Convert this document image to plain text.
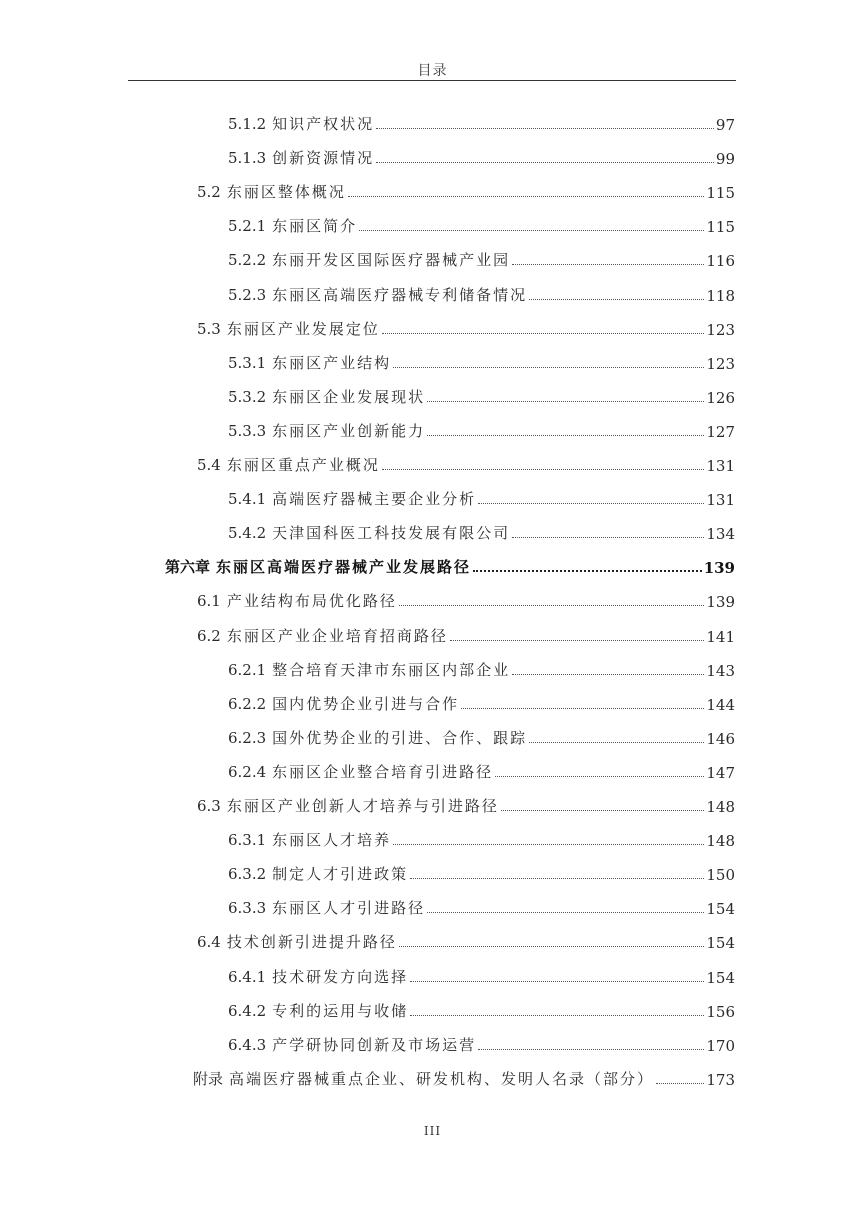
目录
5.1.2 知识产权状况	97
5.1.3 创新资源情况	99
5.2 东丽区整体概况	115
5.2.1 东丽区简介	115
5.2.2 东丽开发区国际医疗器械产业园	116
5.2.3 东丽区高端医疗器械专利储备情况	118
5.3 东丽区产业发展定位	123
5.3.1 东丽区产业结构	123
5.3.2 东丽区企业发展现状	126
5.3.3 东丽区产业创新能力	127
5.4 东丽区重点产业概况	131
5.4.1 高端医疗器械主要企业分析	131
5.4.2 天津国科医工科技发展有限公司	134
第六章 东丽区高端医疗器械产业发展路径	139
6.1 产业结构布局优化路径	139
6.2 东丽区产业企业培育招商路径	141
6.2.1 整合培育天津市东丽区内部企业	143
6.2.2 国内优势企业引进与合作	144
6.2.3 国外优势企业的引进、合作、跟踪	146
6.2.4 东丽区企业整合培育引进路径	147
6.3 东丽区产业创新人才培养与引进路径	148
6.3.1 东丽区人才培养	148
6.3.2 制定人才引进政策	150
6.3.3 东丽区人才引进路径	154
6.4 技术创新引进提升路径	154
6.4.1 技术研发方向选择	154
6.4.2 专利的运用与收储	156
6.4.3 产学研协同创新及市场运营	170
附录 高端医疗器械重点企业、研发机构、发明人名录（部分）	173
III
